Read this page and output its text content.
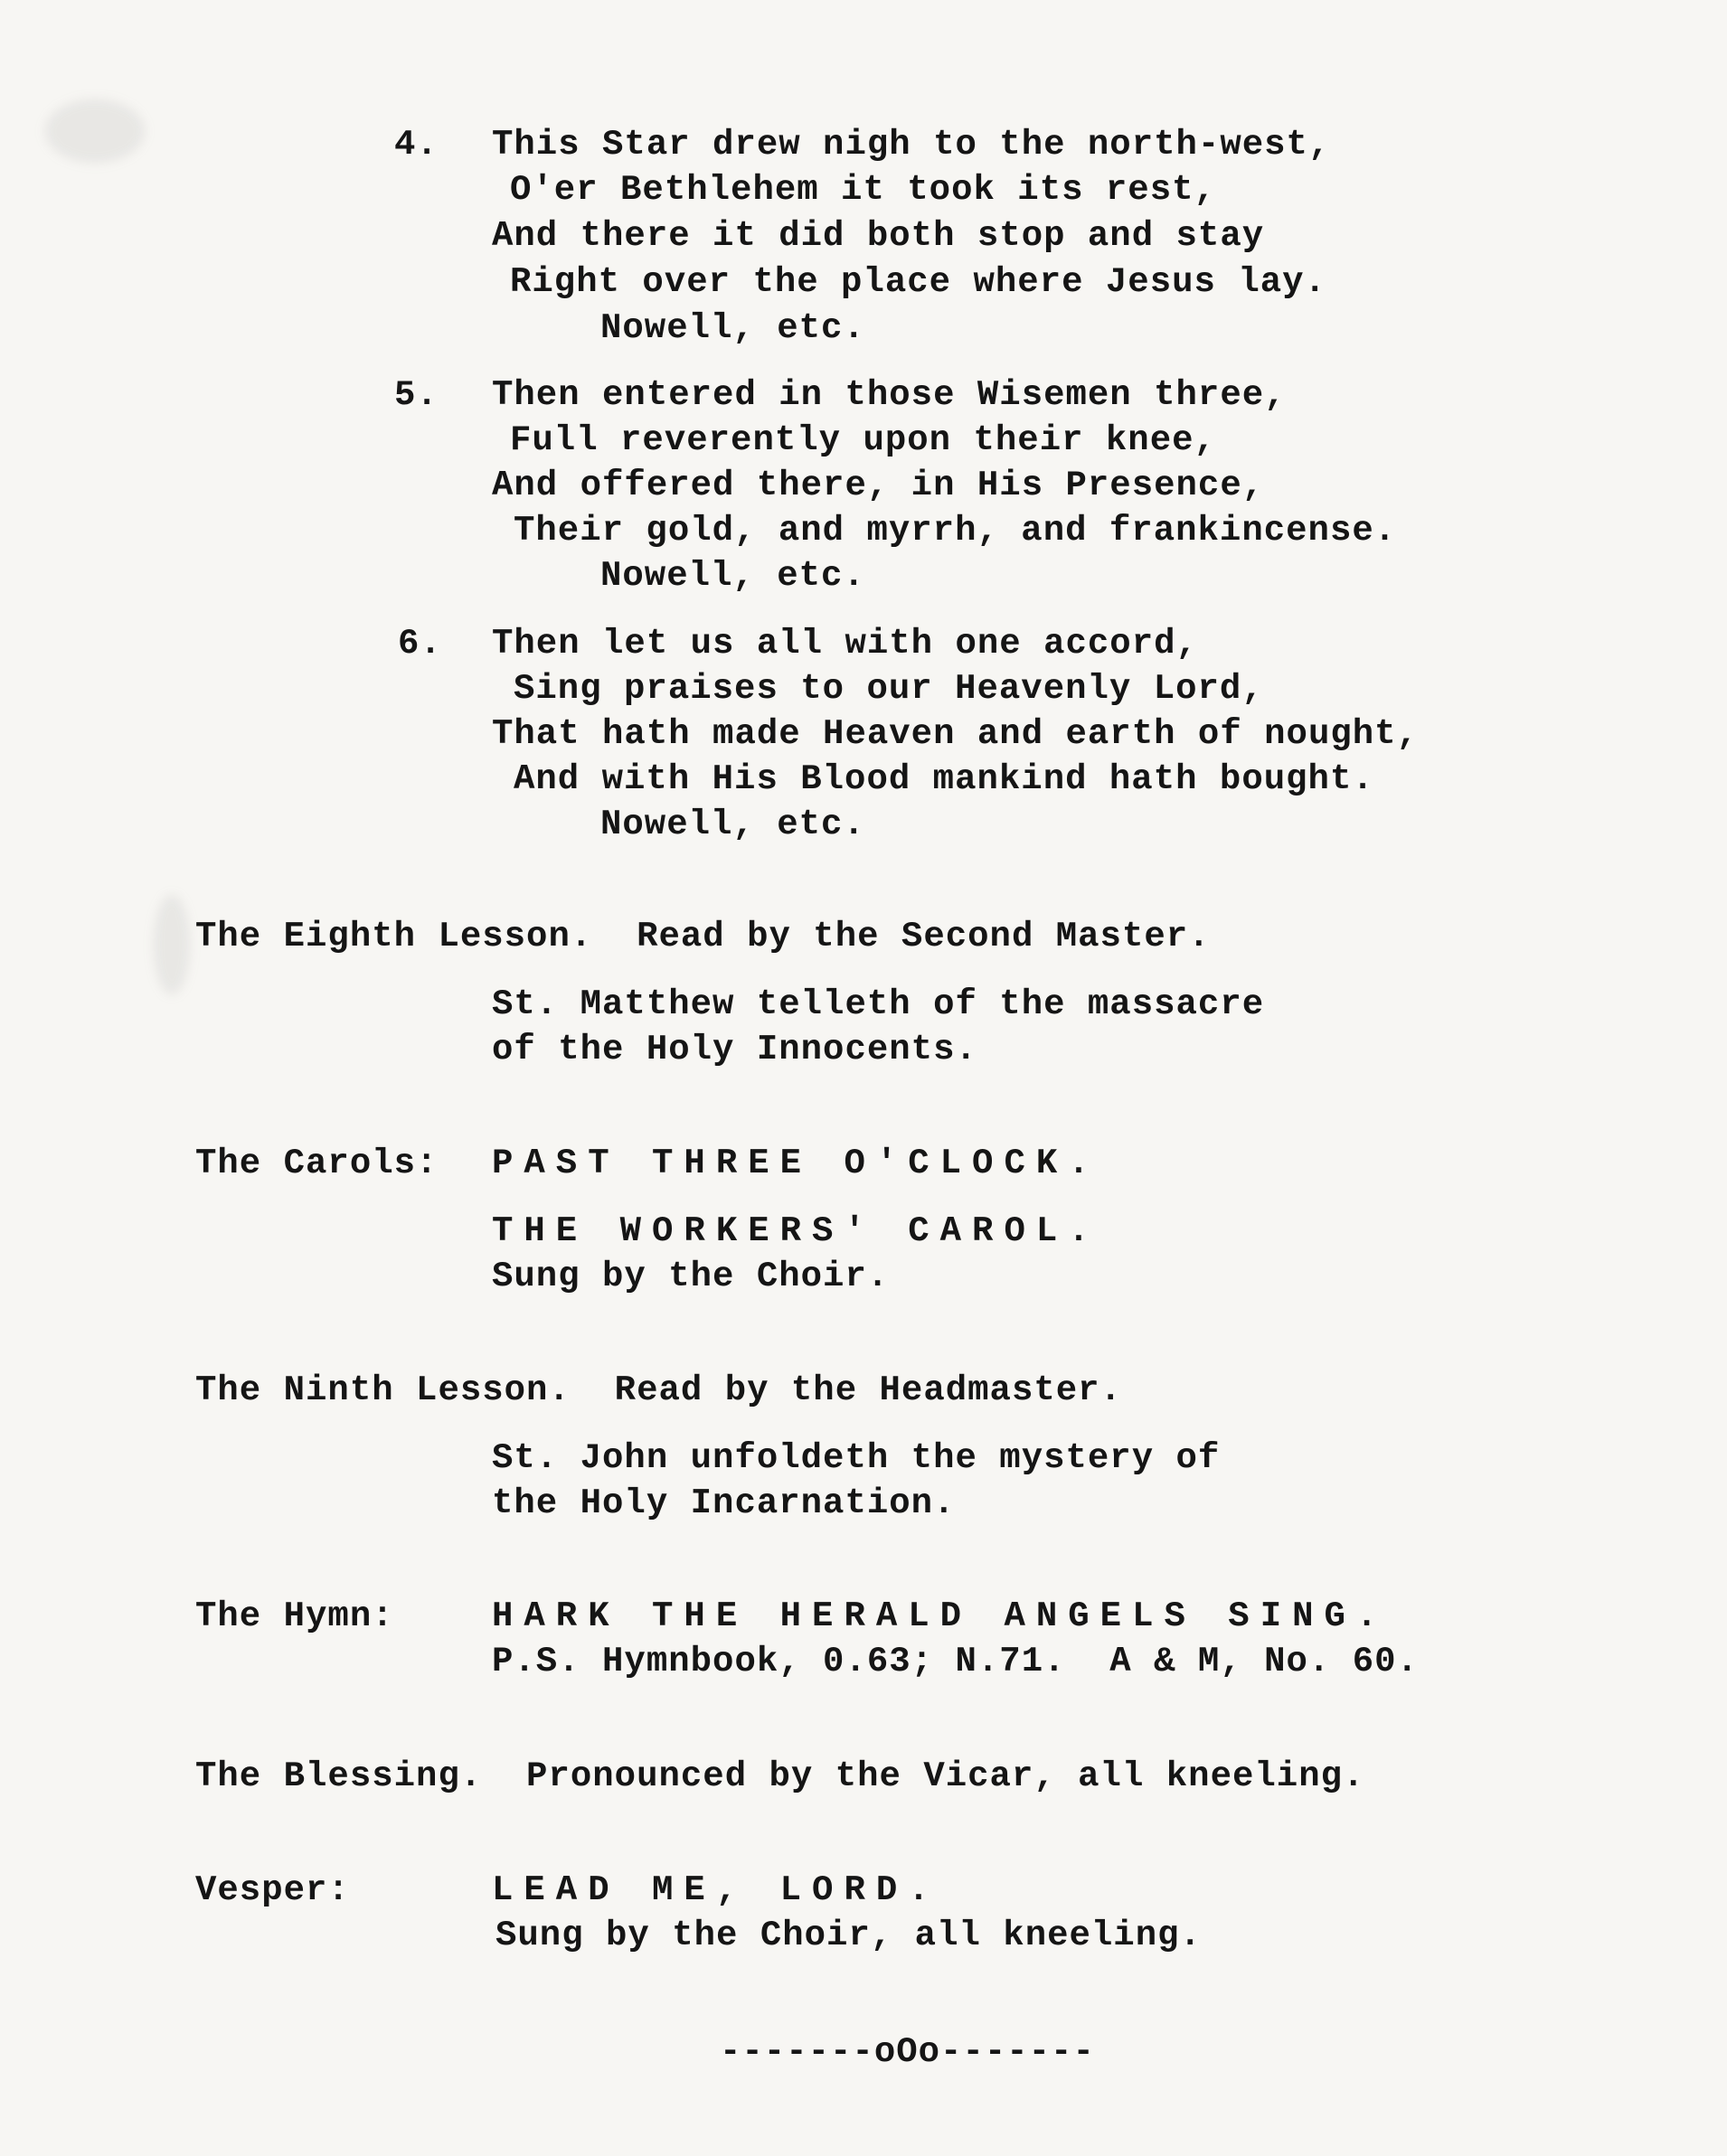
4. This Star drew nigh to the north-west,
O'er Bethlehem it took its rest,
And there it did both stop and stay
Right over the place where Jesus lay.
Nowell, etc.
5. Then entered in those Wisemen three,
Full reverently upon their knee,
And offered there, in His Presence,
Their gold, and myrrh, and frankincense.
Nowell, etc.
6. Then let us all with one accord,
Sing praises to our Heavenly Lord,
That hath made Heaven and earth of nought,
And with His Blood mankind hath bought.
Nowell, etc.
The Eighth Lesson.  Read by the Second Master.
St. Matthew telleth of the massacre
of the Holy Innocents.
The Carols: PAST THREE O'CLOCK.
THE WORKERS' CAROL.
Sung by the Choir.
The Ninth Lesson.  Read by the Headmaster.
St. John unfoldeth the mystery of
the Holy Incarnation.
The Hymn:	HARK THE HERALD ANGELS SING.
P.S. Hymnbook, 0.63; N.71.  A & M, No. 60.
The Blessing.  Pronounced by the Vicar, all kneeling.
Vesper:	LEAD ME, LORD.
Sung by the Choir, all kneeling.
-------oOo-------
